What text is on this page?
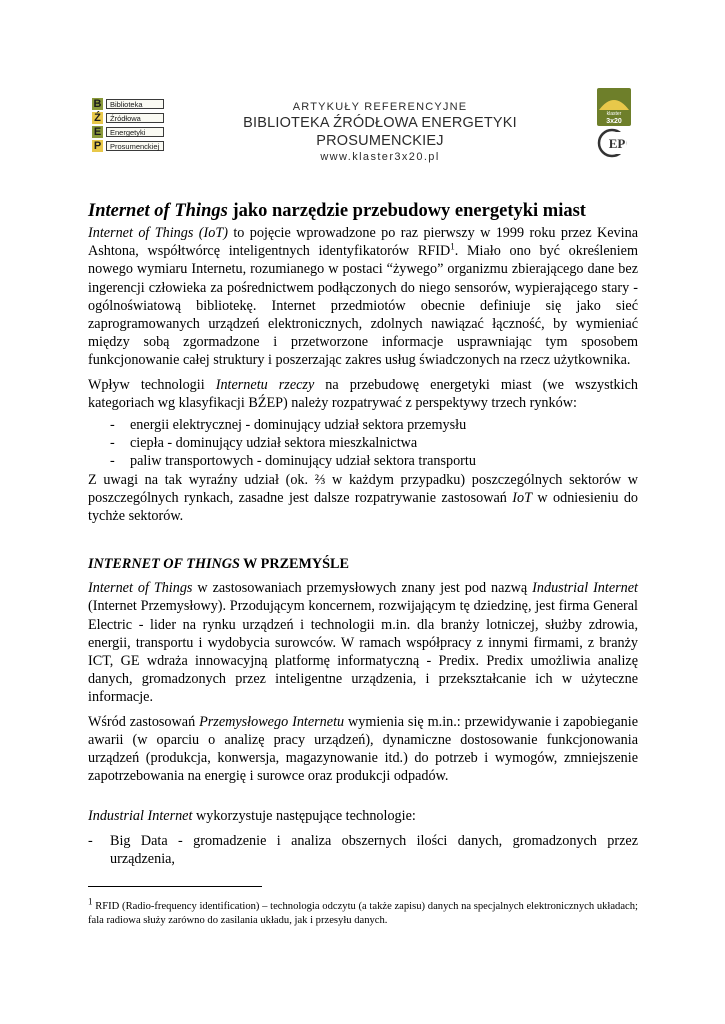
B	Biblioteka
Ź	Źródłowa
E	Energetyki
P	Prosumenckiej
ARTYKUŁY REFERENCYJNE
BIBLIOTEKA ŹRÓDŁOWA ENERGETYKI PROSUMENCKIEJ
www.klaster3x20.pl
klaster
3x20
EP
Internet of Things jako narzędzie przebudowy energetyki miast

Internet of Things (IoT) to pojęcie wprowadzone po raz pierwszy w 1999 roku przez Kevina Ashtona, współtwórcę inteligentnych identyfikatorów RFID$^1$. Miało ono być określeniem nowego wymiaru Internetu, rozumianego w postaci “żywego” organizmu zbierającego dane bez ingerencji człowieka za pośrednictwem podłączonych do niego sensorów, wypierającego stary - ogólnoświatową bibliotekę. Internet przedmiotów obecnie definiuje się jako sieć zaprogramowanych urządzeń elektronicznych, zdolnych nawiązać łączność, by wymieniać między sobą zgormadzone i przetworzone informacje usprawniając tym sposobem funkcjonowanie całej struktury i poszerzając zakres usług świadczonych na rzecz użytkownika.

Wpływ technologii Internetu rzeczy na przebudowę energetyki miast (we wszystkich kategoriach wg klasyfikacji BŹEP) należy rozpatrywać z perspektywy trzech rynków:

- energii elektrycznej - dominujący udział sektora przemysłu
- ciepła - dominujący udział sektora mieszkalnictwa
- paliw transportowych - dominujący udział sektora transportu

Z uwagi na tak wyraźny udział (ok. ⅔ w każdym przypadku) poszczególnych sektorów w poszczególnych rynkach, zasadne jest dalsze rozpatrywanie zastosowań IoT w odniesieniu do tychże sektorów.

INTERNET OF THINGS W PRZEMYŚLE

Internet of Things w zastosowaniach przemysłowych znany jest pod nazwą Industrial Internet (Internet Przemysłowy). Przodującym koncernem, rozwijającym tę dziedzinę, jest firma General Electric - lider na rynku urządzeń i technologii m.in. dla branży lotniczej, służby zdrowia, energii, transportu i wydobycia surowców. W ramach współpracy z innymi firmami, z branży ICT, GE wdraża innowacyjną platformę informatyczną - Predix. Predix umożliwia analizę danych, gromadzonych przez inteligentne urządzenia, i przekształcanie ich w użyteczne informacje.

Wśród zastosowań Przemysłowego Internetu wymienia się m.in.: przewidywanie i zapobieganie awarii (w oparciu o analizę pracy urządzeń), dynamiczne dostosowanie funkcjonowania urządzeń (produkcja, konwersja, magazynowanie itd.) do potrzeb i wymogów, zmniejszenie zapotrzebowania na energię i surowce oraz produkcji odpadów.

Industrial Internet wykorzystuje następujące technologie:

- Big Data - gromadzenie i analiza obszernych ilości danych, gromadzonych przez urządzenia,
$^1$ RFID (Radio-frequency identification) – technologia odczytu (a także zapisu) danych na specjalnych elektronicznych układach; fala radiowa służy zarówno do zasilania układu, jak i przesyłu danych.
